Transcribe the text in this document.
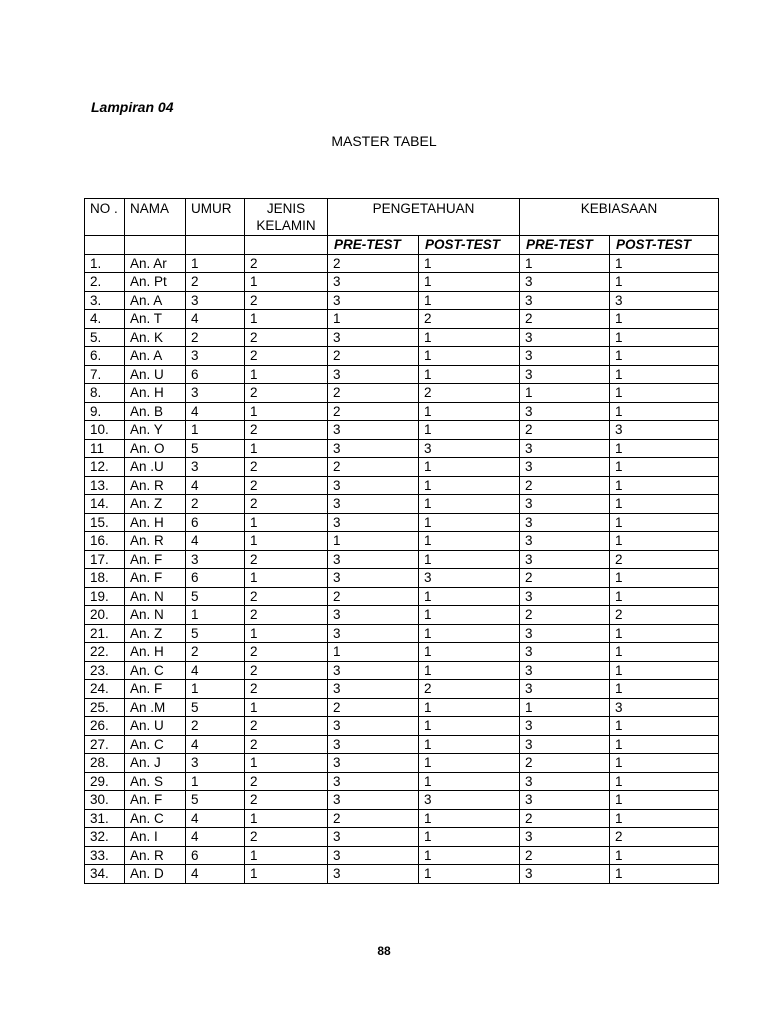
Lampiran 04
MASTER TABEL
NO .	NAMA	UMUR	JENIS KELAMIN	PENGETAHUAN		KEBIASAAN	
				PRE-TEST	POST-TEST	PRE-TEST	POST-TEST
1.	An. Ar	1	2	2	1	1	1
2.	An. Pt	2	1	3	1	3	1
3.	An. A	3	2	3	1	3	3
4.	An. T	4	1	1	2	2	1
5.	An. K	2	2	3	1	3	1
6.	An. A	3	2	2	1	3	1
7.	An. U	6	1	3	1	3	1
8.	An. H	3	2	2	2	1	1
9.	An. B	4	1	2	1	3	1
10.	An. Y	1	2	3	1	2	3
11	An. O	5	1	3	3	3	1
12.	An .U	3	2	2	1	3	1
13.	An. R	4	2	3	1	2	1
14.	An. Z	2	2	3	1	3	1
15.	An. H	6	1	3	1	3	1
16.	An. R	4	1	1	1	3	1
17.	An. F	3	2	3	1	3	2
18.	An. F	6	1	3	3	2	1
19.	An. N	5	2	2	1	3	1
20.	An. N	1	2	3	1	2	2
21.	An. Z	5	1	3	1	3	1
22.	An. H	2	2	1	1	3	1
23.	An. C	4	2	3	1	3	1
24.	An. F	1	2	3	2	3	1
25.	An .M	5	1	2	1	1	3
26.	An. U	2	2	3	1	3	1
27.	An. C	4	2	3	1	3	1
28.	An. J	3	1	3	1	2	1
29.	An. S	1	2	3	1	3	1
30.	An. F	5	2	3	3	3	1
31.	An. C	4	1	2	1	2	1
32.	An. I	4	2	3	1	3	2
33.	An. R	6	1	3	1	2	1
34.	An. D	4	1	3	1	3	1
88
